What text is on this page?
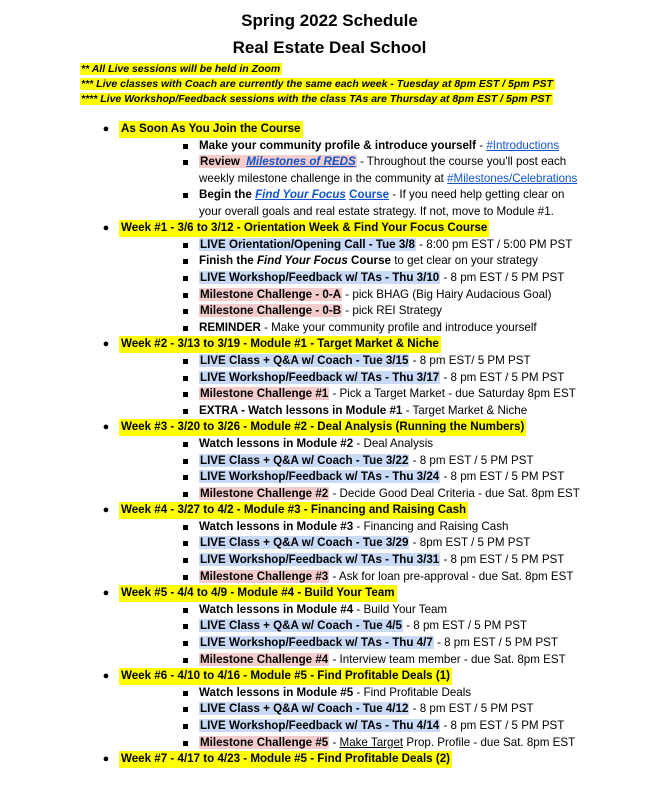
Spring 2022 Schedule
Real Estate Deal School
** All Live sessions will be held in Zoom
*** Live classes with Coach are currently the same each week - Tuesday at 8pm EST / 5pm PST
**** Live Workshop/Feedback sessions with the class TAs are Thursday at 8pm EST / 5pm PST
● As Soon As You Join the Course
Make your community profile & introduce yourself - #Introductions
Review Milestones of REDS - Throughout the course you'll post each
weekly milestone challenge in the community at #Milestones/Celebrations
Begin the Find Your Focus Course - If you need help getting clear on
your overall goals and real estate strategy. If not, move to Module #1.
● Week #1 - 3/6 to 3/12 - Orientation Week & Find Your Focus Course
LIVE Orientation/Opening Call - Tue 3/8 - 8:00 pm EST / 5:00 PM PST
Finish the Find Your Focus Course to get clear on your strategy
LIVE Workshop/Feedback w/ TAs - Thu 3/10 - 8 pm EST / 5 PM PST
Milestone Challenge - 0-A - pick BHAG (Big Hairy Audacious Goal)
Milestone Challenge - 0-B - pick REI Strategy
REMINDER - Make your community profile and introduce yourself
● Week #2 - 3/13 to 3/19 - Module #1 - Target Market & Niche
LIVE Class + Q&A w/ Coach - Tue 3/15 - 8 pm EST/ 5 PM PST
LIVE Workshop/Feedback w/ TAs - Thu 3/17 - 8 pm EST / 5 PM PST
Milestone Challenge #1 - Pick a Target Market - due Saturday 8pm EST
EXTRA - Watch lessons in Module #1 - Target Market & Niche
● Week #3 - 3/20 to 3/26 - Module #2 - Deal Analysis (Running the Numbers)
Watch lessons in Module #2 - Deal Analysis
LIVE Class + Q&A w/ Coach - Tue 3/22 - 8 pm EST / 5 PM PST
LIVE Workshop/Feedback w/ TAs - Thu 3/24 - 8 pm EST / 5 PM PST
Milestone Challenge #2 - Decide Good Deal Criteria - due Sat. 8pm EST
● Week #4 - 3/27 to 4/2 - Module #3 - Financing and Raising Cash
Watch lessons in Module #3 - Financing and Raising Cash
LIVE Class + Q&A w/ Coach - Tue 3/29 - 8pm EST / 5 PM PST
LIVE Workshop/Feedback w/ TAs - Thu 3/31 - 8 pm EST / 5 PM PST
Milestone Challenge #3 - Ask for loan pre-approval - due Sat. 8pm EST
● Week #5 - 4/4 to 4/9 - Module #4 - Build Your Team
Watch lessons in Module #4 - Build Your Team
LIVE Class + Q&A w/ Coach - Tue 4/5 - 8 pm EST / 5 PM PST
LIVE Workshop/Feedback w/ TAs - Thu 4/7 - 8 pm EST / 5 PM PST
Milestone Challenge #4 - Interview team member - due Sat. 8pm EST
● Week #6 - 4/10 to 4/16 - Module #5 - Find Profitable Deals (1)
Watch lessons in Module #5 - Find Profitable Deals
LIVE Class + Q&A w/ Coach - Tue 4/12 - 8 pm EST / 5 PM PST
LIVE Workshop/Feedback w/ TAs - Thu 4/14 - 8 pm EST / 5 PM PST
Milestone Challenge #5 - Make Target Prop. Profile - due Sat. 8pm EST
● Week #7 - 4/17 to 4/23 - Module #5 - Find Profitable Deals (2)
